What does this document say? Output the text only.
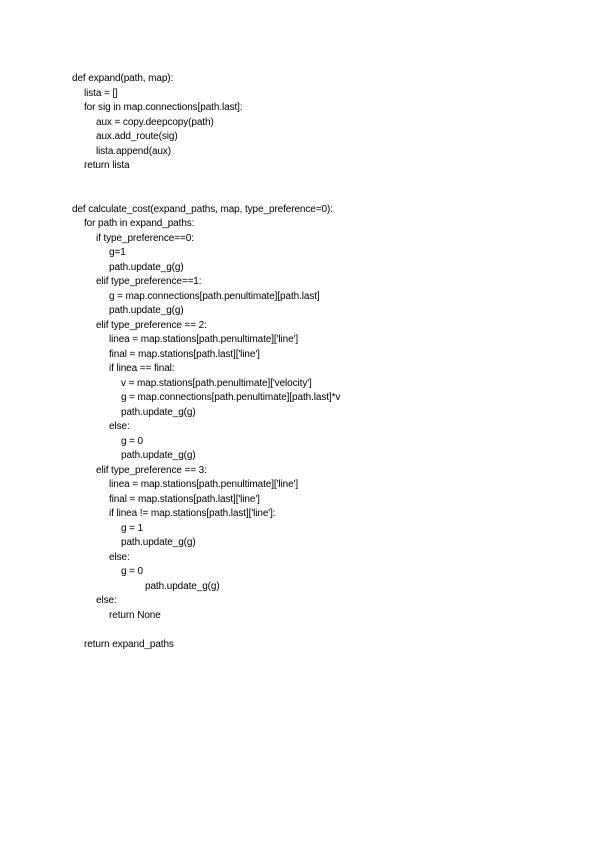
def expand(path, map):
lista = []
for sig in map.connections[path.last]:
aux = copy.deepcopy(path)
aux.add_route(sig)
lista.append(aux)
return lista
def calculate_cost(expand_paths, map, type_preference=0):
for path in expand_paths:
if type_preference==0:
g=1
path.update_g(g)
elif type_preference==1:
g = map.connections[path.penultimate][path.last]
path.update_g(g)
elif type_preference == 2:
linea = map.stations[path.penultimate]['line']
final = map.stations[path.last]['line']
if linea == final:
v = map.stations[path.penultimate]['velocity']
g = map.connections[path.penultimate][path.last]*v
path.update_g(g)
else:
g = 0
path.update_g(g)
elif type_preference == 3:
linea = map.stations[path.penultimate]['line']
final = map.stations[path.last]['line']
if linea != map.stations[path.last]['line']:
g = 1
path.update_g(g)
else:
g = 0
path.update_g(g)
else:
return None
return expand_paths
